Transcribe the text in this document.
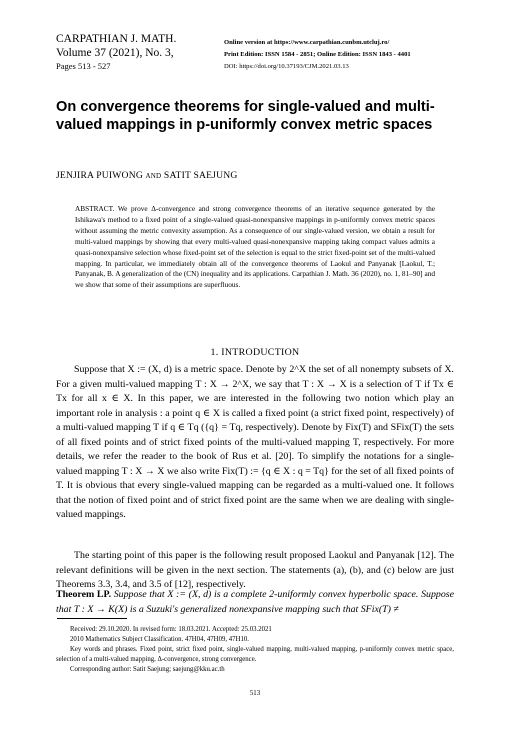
CARPATHIAN J. MATH.
Volume 37 (2021), No. 3,
Pages 513 - 527
Online version at https://www.carpathian.cunbm.utcluj.ro/
Print Edition: ISSN 1584 - 2851; Online Edition: ISSN 1843 - 4401
DOI: https://doi.org/10.37193/CJM.2021.03.13
On convergence theorems for single-valued and multi-valued mappings in p-uniformly convex metric spaces
JENJIRA PUIWONG and SATIT SAEJUNG
ABSTRACT. We prove Δ-convergence and strong convergence theorems of an iterative sequence generated by the Ishikawa's method to a fixed point of a single-valued quasi-nonexpansive mappings in p-uniformly convex metric spaces without assuming the metric convexity assumption. As a consequence of our single-valued version, we obtain a result for multi-valued mappings by showing that every multi-valued quasi-nonexpansive mapping taking compact values admits a quasi-nonexpansive selection whose fixed-point set of the selection is equal to the strict fixed-point set of the multi-valued mapping. In particular, we immediately obtain all of the convergence theorems of Laokul and Panyanak [Laokul, T.; Panyanak, B. A generalization of the (CN) inequality and its applications. Carpathian J. Math. 36 (2020), no. 1, 81–90] and we show that some of their assumptions are superfluous.
1. INTRODUCTION
Suppose that X := (X, d) is a metric space. Denote by 2^X the set of all nonempty subsets of X. For a given multi-valued mapping T : X → 2^X, we say that T : X → X is a selection of T if Tx ∈ Tx for all x ∈ X. In this paper, we are interested in the following two notion which play an important role in analysis : a point q ∈ X is called a fixed point (a strict fixed point, respectively) of a multi-valued mapping T if q ∈ Tq ({q} = Tq, respectively). Denote by Fix(T) and SFix(T) the sets of all fixed points and of strict fixed points of the multi-valued mapping T, respectively. For more details, we refer the reader to the book of Rus et al. [20]. To simplify the notations for a single-valued mapping T : X → X we also write Fix(T) := {q ∈ X : q = Tq} for the set of all fixed points of T. It is obvious that every single-valued mapping can be regarded as a multi-valued one. It follows that the notion of fixed point and of strict fixed point are the same when we are dealing with single-valued mappings.
The starting point of this paper is the following result proposed Laokul and Panyanak [12]. The relevant definitions will be given in the next section. The statements (a), (b), and (c) below are just Theorems 3.3, 3.4, and 3.5 of [12], respectively.
Theorem LP. Suppose that X := (X, d) is a complete 2-uniformly convex hyperbolic space. Suppose that T : X → K(X) is a Suzuki's generalized nonexpansive mapping such that SFix(T) ≠
Received: 29.10.2020. In revised form: 18.03.2021. Accepted: 25.03.2021
2010 Mathematics Subject Classification. 47H04, 47H09, 47H10.
Key words and phrases. Fixed point, strict fixed point, single-valued mapping, multi-valued mapping, p-uniformly convex metric space, selection of a multi-valued mapping, Δ-convergence, strong convergence.
Corresponding author: Satit Saejung; saejung@kku.ac.th
513
